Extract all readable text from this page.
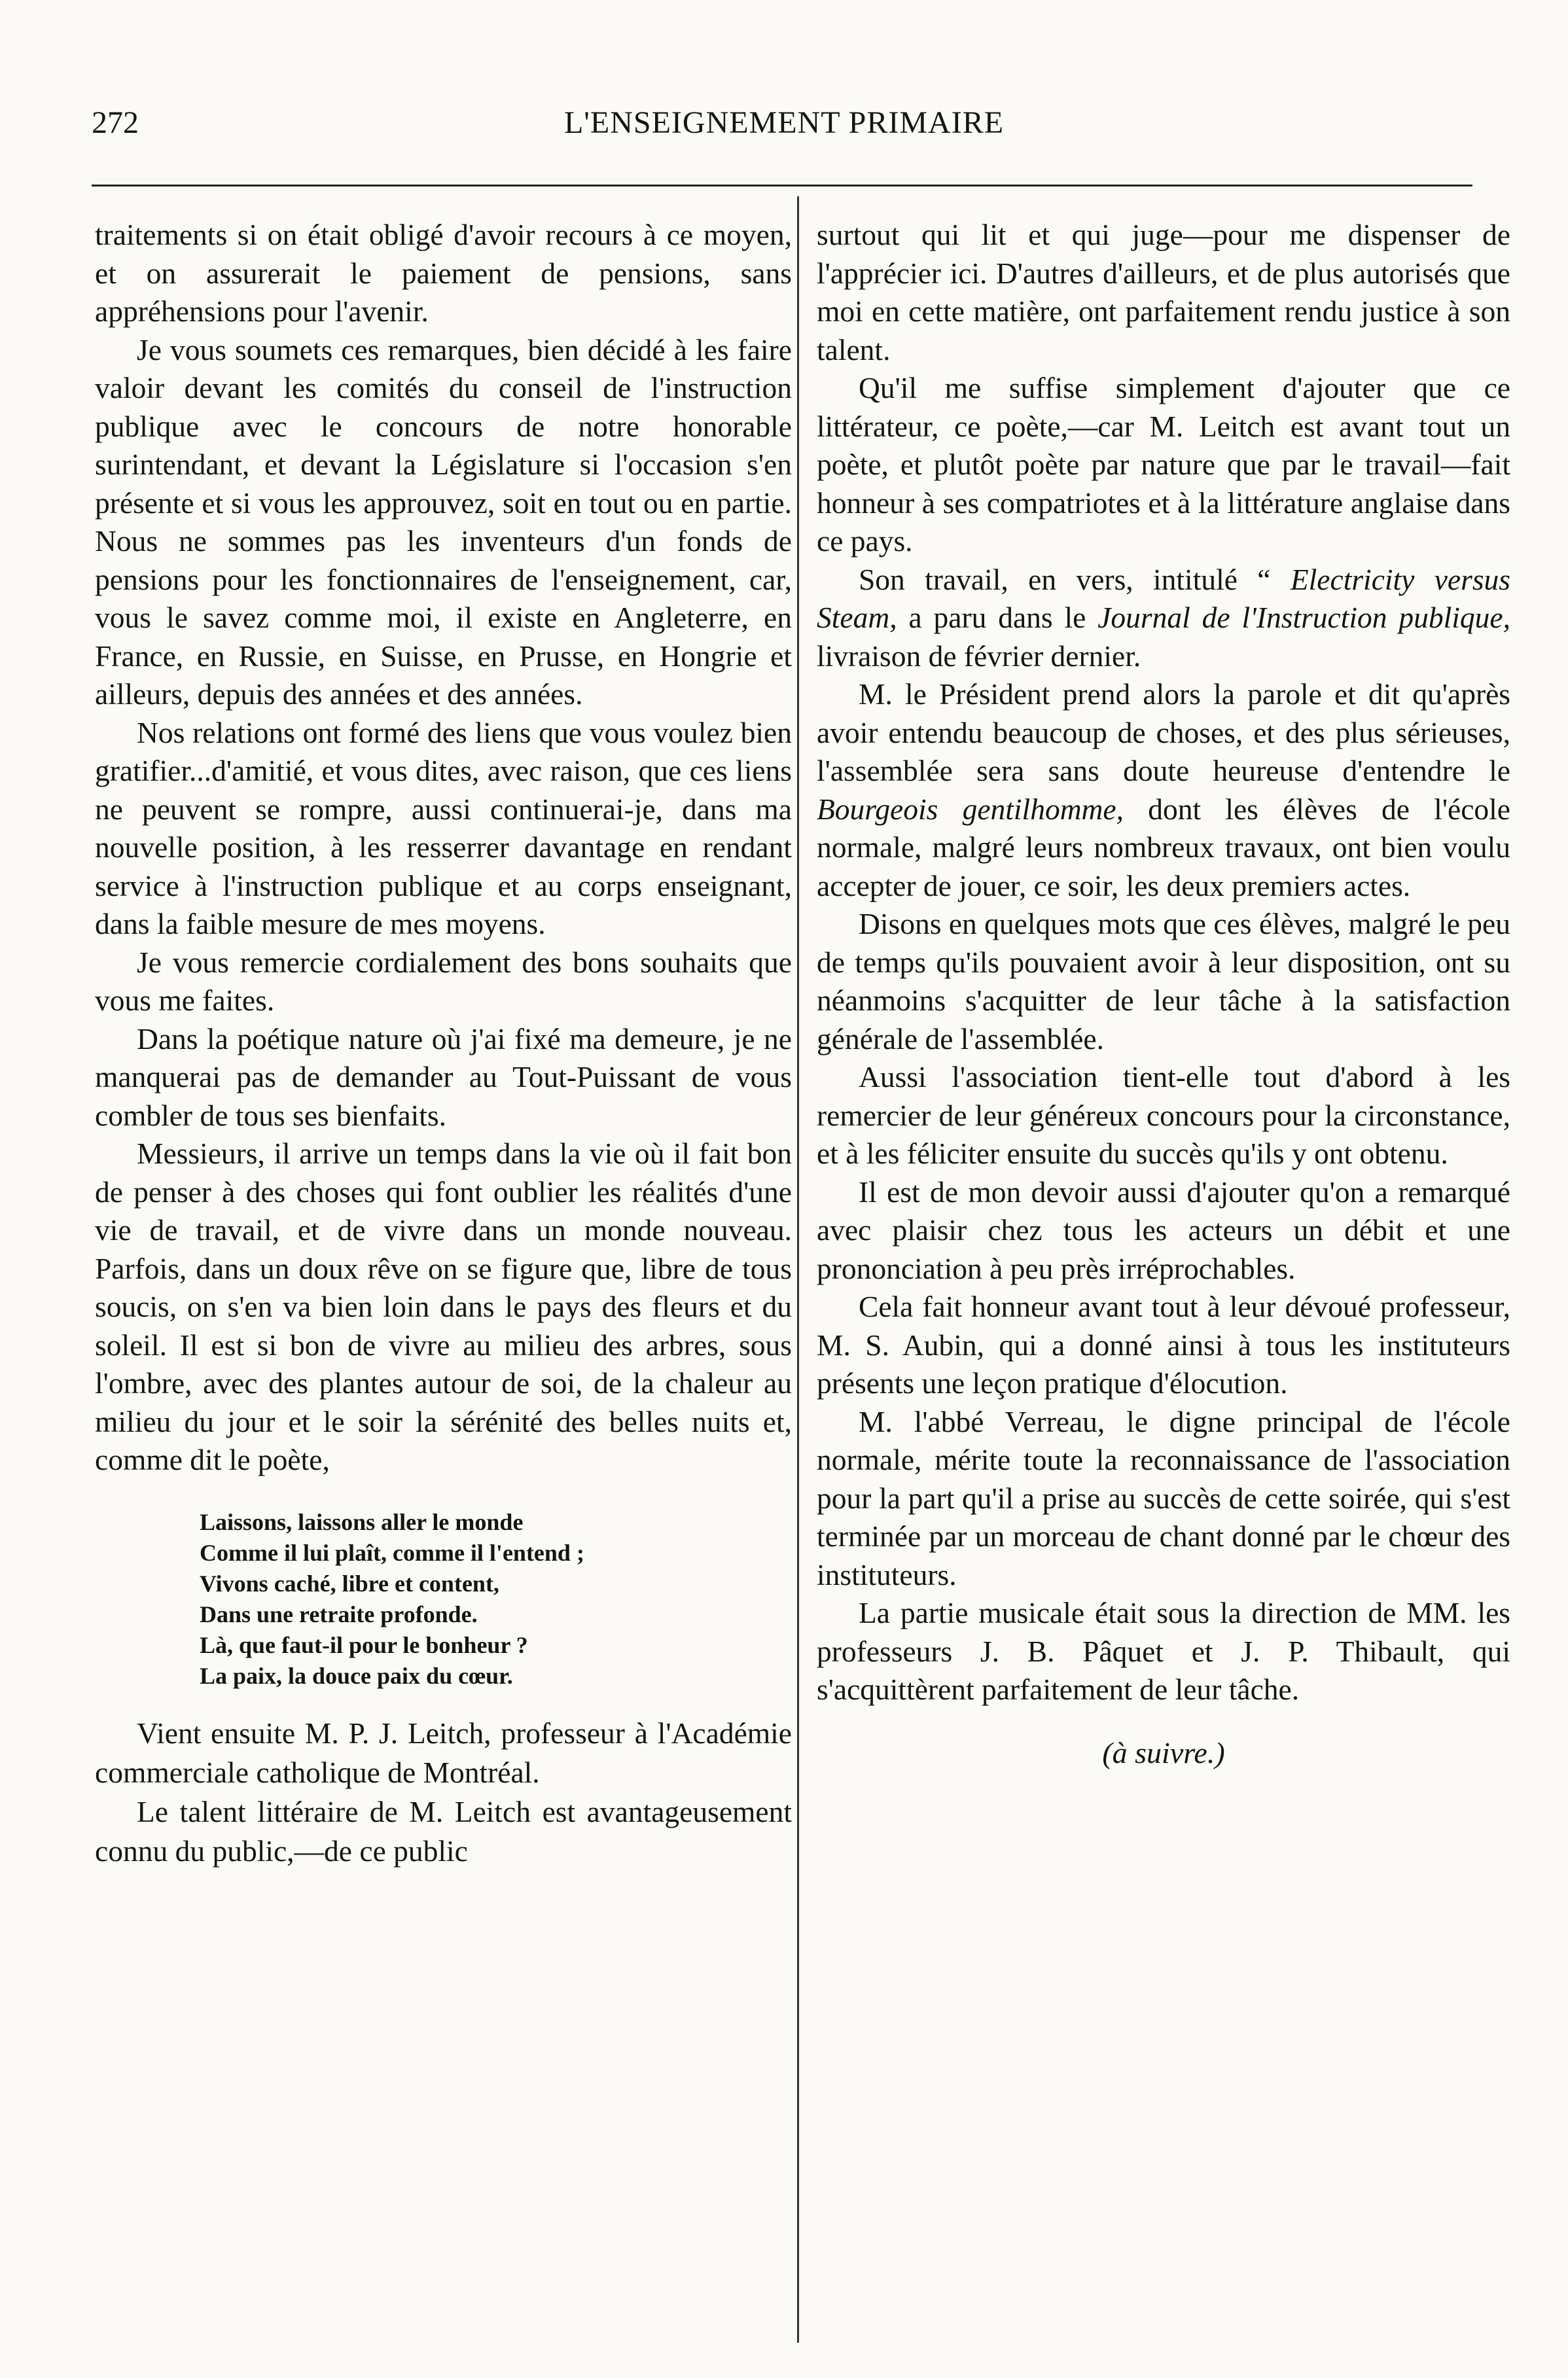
272	L'ENSEIGNEMENT PRIMAIRE

traitements si on était obligé d'avoir recours à ce moyen, et on assurerait le paiement de pensions, sans appréhensions pour l'avenir.

Je vous soumets ces remarques, bien décidé à les faire valoir devant les comités du conseil de l'instruction publique avec le concours de notre honorable surintendant, et devant la Législature si l'occasion s'en présente et si vous les approuvez, soit en tout ou en partie. Nous ne sommes pas les inventeurs d'un fonds de pensions pour les fonctionnaires de l'enseignement, car, vous le savez comme moi, il existe en Angleterre, en France, en Russie, en Suisse, en Prusse, en Hongrie et ailleurs, depuis des années et des années.

Nos relations ont formé des liens que vous voulez bien gratifier...d'amitié, et vous dites, avec raison, que ces liens ne peuvent se rompre, aussi continuerai-je, dans ma nouvelle position, à les resserrer davantage en rendant service à l'instruction publique et au corps enseignant, dans la faible mesure de mes moyens.

Je vous remercie cordialement des bons souhaits que vous me faites.

Dans la poétique nature où j'ai fixé ma demeure, je ne manquerai pas de demander au Tout-Puissant de vous combler de tous ses bienfaits.

Messieurs, il arrive un temps dans la vie où il fait bon de penser à des choses qui font oublier les réalités d'une vie de travail, et de vivre dans un monde nouveau. Parfois, dans un doux rêve on se figure que, libre de tous soucis, on s'en va bien loin dans le pays des fleurs et du soleil. Il est si bon de vivre au milieu des arbres, sous l'ombre, avec des plantes autour de soi, de la chaleur au milieu du jour et le soir la sérénité des belles nuits et, comme dit le poète,

Laissons, laissons aller le monde
Comme il lui plaît, comme il l'entend ;
Vivons caché, libre et content,
Dans une retraite profonde.
Là, que faut-il pour le bonheur ?
La paix, la douce paix du cœur.

Vient ensuite M. P. J. Leitch, professeur à l'Académie commerciale catholique de Montréal.

Le talent littéraire de M. Leitch est avantageusement connu du public,—de ce public

surtout qui lit et qui juge—pour me dispenser de l'apprécier ici. D'autres d'ailleurs, et de plus autorisés que moi en cette matière, ont parfaitement rendu justice à son talent.

Qu'il me suffise simplement d'ajouter que ce littérateur, ce poète,—car M. Leitch est avant tout un poète, et plutôt poète par nature que par le travail—fait honneur à ses compatriotes et à la littérature anglaise dans ce pays.

Son travail, en vers, intitulé “ Electricity versus Steam, a paru dans le Journal de l'Instruction publique, livraison de février dernier.

M. le Président prend alors la parole et dit qu'après avoir entendu beaucoup de choses, et des plus sérieuses, l'assemblée sera sans doute heureuse d'entendre le Bourgeois gentilhomme, dont les élèves de l'école normale, malgré leurs nombreux travaux, ont bien voulu accepter de jouer, ce soir, les deux premiers actes.

Disons en quelques mots que ces élèves, malgré le peu de temps qu'ils pouvaient avoir à leur disposition, ont su néanmoins s'acquitter de leur tâche à la satisfaction générale de l'assemblée.

Aussi l'association tient-elle tout d'abord à les remercier de leur généreux concours pour la circonstance, et à les féliciter ensuite du succès qu'ils y ont obtenu.

Il est de mon devoir aussi d'ajouter qu'on a remarqué avec plaisir chez tous les acteurs un débit et une prononciation à peu près irréprochables.

Cela fait honneur avant tout à leur dévoué professeur, M. S. Aubin, qui a donné ainsi à tous les instituteurs présents une leçon pratique d'élocution.

M. l'abbé Verreau, le digne principal de l'école normale, mérite toute la reconnaissance de l'association pour la part qu'il a prise au succès de cette soirée, qui s'est terminée par un morceau de chant donné par le chœur des instituteurs.

La partie musicale était sous la direction de MM. les professeurs J. B. Pâquet et J. P. Thibault, qui s'acquittèrent parfaitement de leur tâche.

(à suivre.)
